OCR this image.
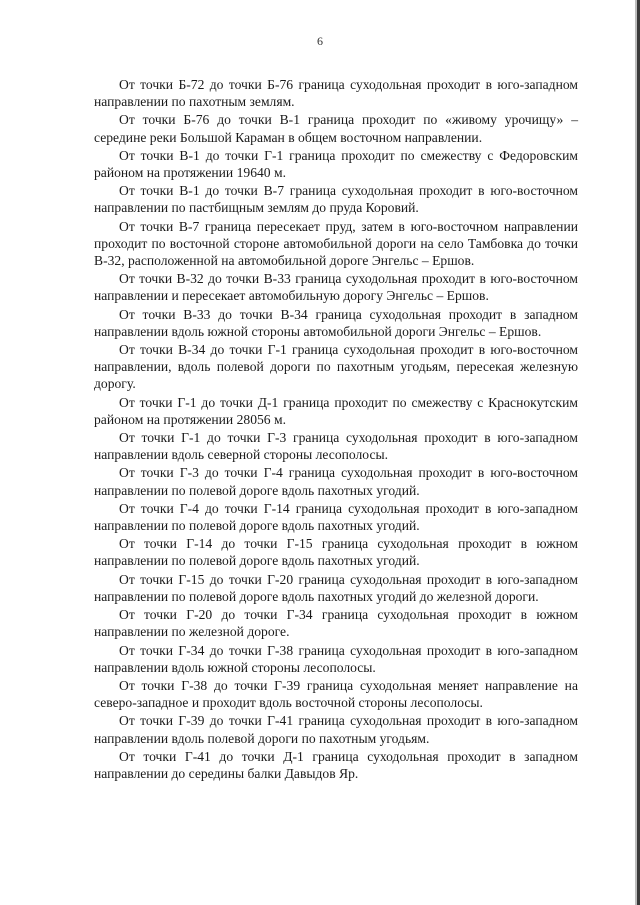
6

От точки Б-72 до точки Б-76 граница суходольная проходит в юго-западном направлении по пахотным землям.

От точки Б-76 до точки В-1 граница проходит по «живому урочищу» – середине реки Большой Караман в общем восточном направлении.

От точки В-1 до точки Г-1 граница проходит по смежеству с Федоровским районом на протяжении 19640 м.

От точки В-1 до точки В-7 граница суходольная проходит в юго-восточном направлении по пастбищным землям до пруда Коровий.

От точки В-7 граница пересекает пруд, затем в юго-восточном направлении проходит по восточной стороне автомобильной дороги на село Тамбовка до точки В-32, расположенной на автомобильной дороге Энгельс – Ершов.

От точки В-32 до точки В-33 граница суходольная проходит в юго-восточном направлении и пересекает автомобильную дорогу Энгельс – Ершов.

От точки В-33 до точки В-34 граница суходольная проходит в западном направлении вдоль южной стороны автомобильной дороги Энгельс – Ершов.

От точки В-34 до точки Г-1 граница суходольная проходит в юго-восточном направлении, вдоль полевой дороги по пахотным угодьям, пересекая железную дорогу.

От точки Г-1 до точки Д-1 граница проходит по смежеству с Краснокутским районом на протяжении 28056 м.

От точки Г-1 до точки Г-3 граница суходольная проходит в юго-западном направлении вдоль северной стороны лесополосы.

От точки Г-3 до точки Г-4 граница суходольная проходит в юго-восточном направлении по полевой дороге вдоль пахотных угодий.

От точки Г-4 до точки Г-14 граница суходольная проходит в юго-западном направлении по полевой дороге вдоль пахотных угодий.

От точки Г-14 до точки Г-15 граница суходольная проходит в южном направлении по полевой дороге вдоль пахотных угодий.

От точки Г-15 до точки Г-20 граница суходольная проходит в юго-западном направлении по полевой дороге вдоль пахотных угодий до железной дороги.

От точки Г-20 до точки Г-34 граница суходольная проходит в южном направлении по железной дороге.

От точки Г-34 до точки Г-38 граница суходольная проходит в юго-западном направлении вдоль южной стороны лесополосы.

От точки Г-38 до точки Г-39 граница суходольная меняет направление на северо-западное и проходит вдоль восточной стороны лесополосы.

От точки Г-39 до точки Г-41 граница суходольная проходит в юго-западном направлении вдоль полевой дороги по пахотным угодьям.

От точки Г-41 до точки Д-1 граница суходольная проходит в западном направлении до середины балки Давыдов Яр.
